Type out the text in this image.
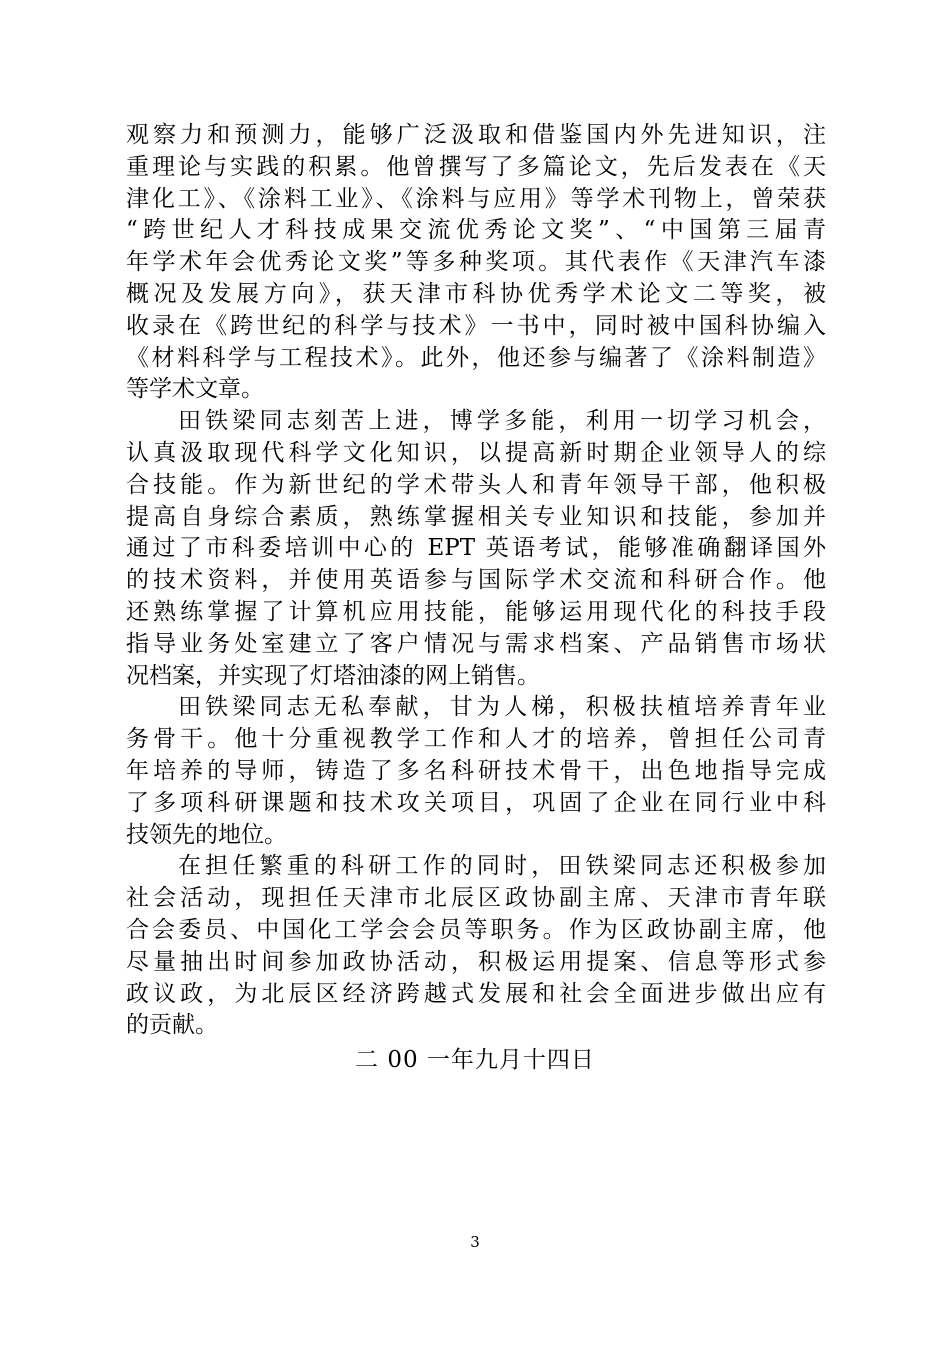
观察力和预测力，能够广泛汲取和借鉴国内外先进知识，注
重理论与实践的积累。他曾撰写了多篇论文，先后发表在《天
津化工》、《涂料工业》、《涂料与应用》等学术刊物上，曾荣获
“跨世纪人才科技成果交流优秀论文奖”、“中国第三届青
年学术年会优秀论文奖”等多种奖项。其代表作《天津汽车漆
概况及发展方向》，获天津市科协优秀学术论文二等奖，被
收录在《跨世纪的科学与技术》一书中，同时被中国科协编入
《材料科学与工程技术》。此外，他还参与编著了《涂料制造》
等学术文章。
田铁梁同志刻苦上进，博学多能，利用一切学习机会，
认真汲取现代科学文化知识，以提高新时期企业领导人的综
合技能。作为新世纪的学术带头人和青年领导干部，他积极
提高自身综合素质，熟练掌握相关专业知识和技能，参加并
通过了市科委培训中心的 EPT 英语考试，能够准确翻译国外
的技术资料，并使用英语参与国际学术交流和科研合作。他
还熟练掌握了计算机应用技能，能够运用现代化的科技手段
指导业务处室建立了客户情况与需求档案、产品销售市场状
况档案，并实现了灯塔油漆的网上销售。
田铁梁同志无私奉献，甘为人梯，积极扶植培养青年业
务骨干。他十分重视教学工作和人才的培养，曾担任公司青
年培养的导师，铸造了多名科研技术骨干，出色地指导完成
了多项科研课题和技术攻关项目，巩固了企业在同行业中科
技领先的地位。
在担任繁重的科研工作的同时，田铁梁同志还积极参加
社会活动，现担任天津市北辰区政协副主席、天津市青年联
合会委员、中国化工学会会员等职务。作为区政协副主席，他
尽量抽出时间参加政协活动，积极运用提案、信息等形式参
政议政，为北辰区经济跨越式发展和社会全面进步做出应有
的贡献。
二 00 一年九月十四日
3
